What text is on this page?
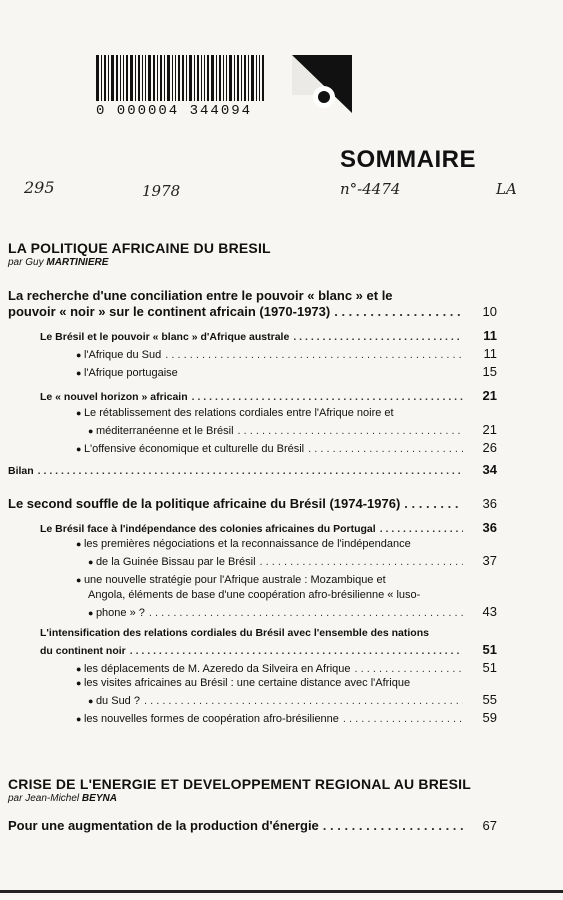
0 000004 344094
SOMMAIRE
295	1978	n°-4474	LA
LA POLITIQUE AFRICAINE DU BRESIL
par Guy MARTINIERE
La recherche d'une conciliation entre le pouvoir « blanc » et le
pouvoir « noir » sur le continent africain (1970-1973) . . .	10
Le Brésil et le pouvoir « blanc » d'Afrique australe . . .	11
● l'Afrique du Sud . . .	11
● l'Afrique portugaise	15
Le « nouvel horizon » africain . . .	21
● Le rétablissement des relations cordiales entre l'Afrique noire et
● méditerranéenne et le Brésil . . .	21
● L'offensive économique et culturelle du Brésil . . .	26
Bilan . . .	34
Le second souffle de la politique africaine du Brésil (1974-1976) . . .	36
Le Brésil face à l'indépendance des colonies africaines du Portugal . . .	36
● les premières négociations et la reconnaissance de l'indépendance
● de la Guinée Bissau par le Brésil . . .	37
● une nouvelle stratégie pour l'Afrique australe : Mozambique et
Angola, éléments de base d'une coopération afro-brésilienne « luso-
● phone » ? . . .	43
L'intensification des relations cordiales du Brésil avec l'ensemble des nations
du continent noir . . .	51
● les déplacements de M. Azeredo da Silveira en Afrique . . .	51
● les visites africaines au Brésil : une certaine distance avec l'Afrique
● du Sud ? . . .	55
● les nouvelles formes de coopération afro-brésilienne . . .	59
CRISE DE L'ENERGIE ET DEVELOPPEMENT REGIONAL AU BRESIL
par Jean-Michel BEYNA
Pour une augmentation de la production d'énergie . . .	67
